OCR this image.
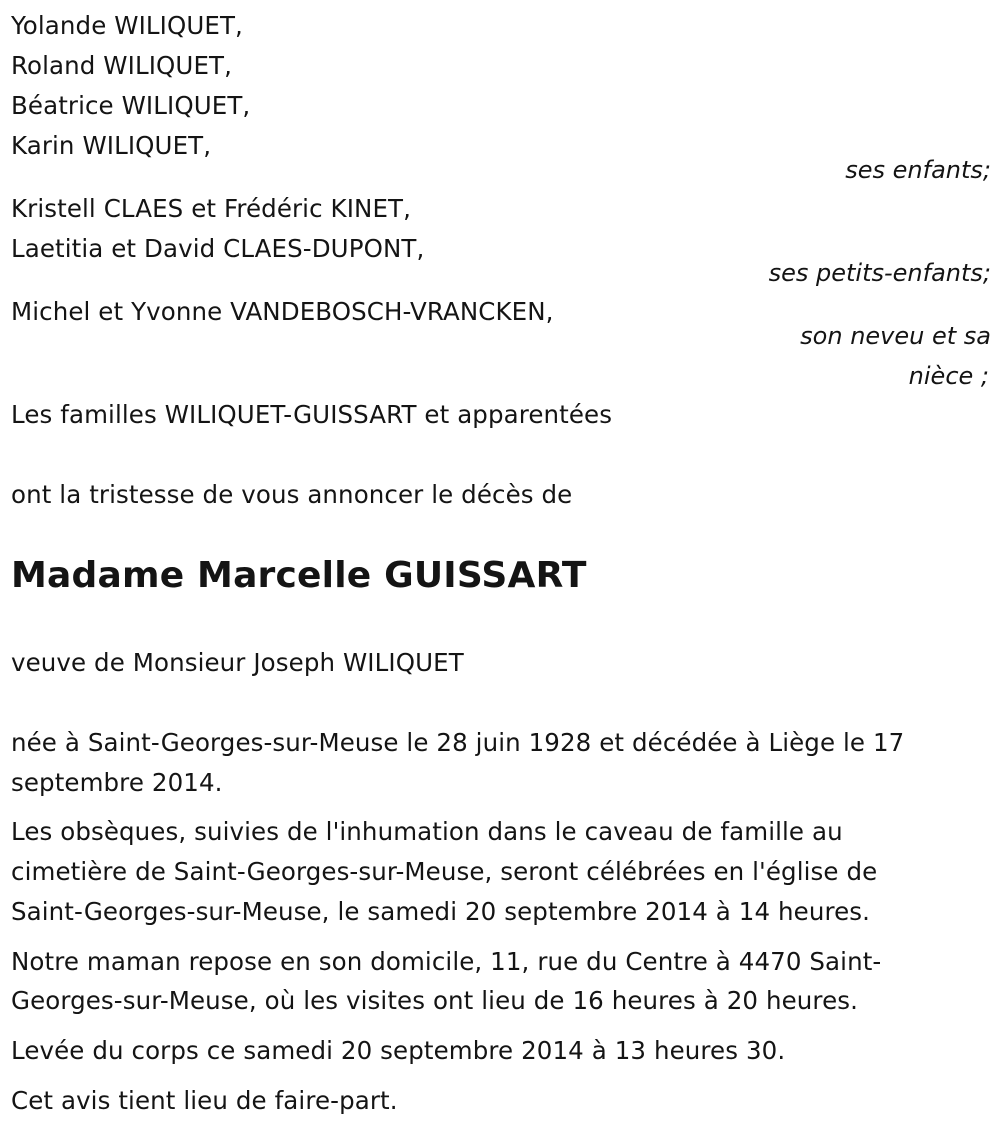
Yolande WILIQUET,
Roland WILIQUET,
Béatrice WILIQUET,
Karin WILIQUET,
ses enfants;
Kristell CLAES et Frédéric KINET,
Laetitia et David CLAES-DUPONT,
ses petits-enfants;
Michel et Yvonne VANDEBOSCH-VRANCKEN,
son neveu et sa
nièce ;
Les familles WILIQUET-GUISSART et apparentées
ont la tristesse de vous annoncer le décès de
Madame Marcelle GUISSART
veuve de Monsieur Joseph WILIQUET
née à Saint-Georges-sur-Meuse le 28 juin 1928 et décédée à Liège le 17
septembre 2014.
Les obsèques, suivies de l'inhumation dans le caveau de famille au
cimetière de Saint-Georges-sur-Meuse, seront célébrées en l'église de
Saint-Georges-sur-Meuse, le samedi 20 septembre 2014 à 14 heures.
Notre maman repose en son domicile, 11, rue du Centre à 4470 Saint-
Georges-sur-Meuse, où les visites ont lieu de 16 heures à 20 heures.
Levée du corps ce samedi 20 septembre 2014 à 13 heures 30.
Cet avis tient lieu de faire-part.
